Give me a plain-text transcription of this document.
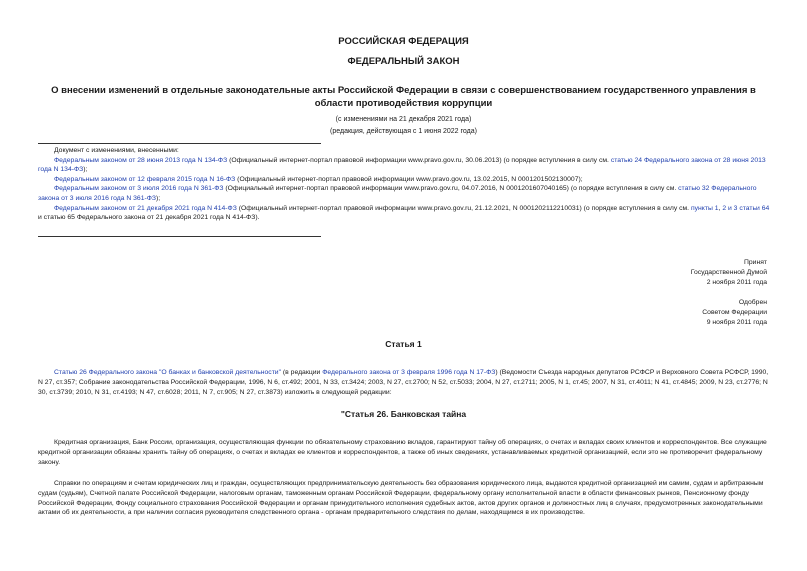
РОССИЙСКАЯ ФЕДЕРАЦИЯ
ФЕДЕРАЛЬНЫЙ ЗАКОН
О внесении изменений в отдельные законодательные акты Российской Федерации в связи с совершенствованием государственного управления в области противодействия коррупции
(с изменениями на 21 декабря 2021 года)
(редакция, действующая с 1 июня 2022 года)

Документ с изменениями, внесенными:

Федеральным законом от 28 июня 2013 года N 134-ФЗ (Официальный интернет-портал правовой информации www.pravo.gov.ru, 30.06.2013) (о порядке вступления в силу см. статью 24 Федерального закона от 28 июня 2013 года N 134-ФЗ);

Федеральным законом от 12 февраля 2015 года N 16-ФЗ (Официальный интернет-портал правовой информации www.pravo.gov.ru, 13.02.2015, N 0001201502130007);

Федеральным законом от 3 июля 2016 года N 361-ФЗ (Официальный интернет-портал правовой информации www.pravo.gov.ru, 04.07.2016, N 0001201607040165) (о порядке вступления в силу см. статью 32 Федерального закона от 3 июля 2016 года N 361-ФЗ);

Федеральным законом от 21 декабря 2021 года N 414-ФЗ (Официальный интернет-портал правовой информации www.pravo.gov.ru, 21.12.2021, N 0001202112210031) (о порядке вступления в силу см. пункты 1, 2 и 3 статьи 64 и статью 65 Федерального закона от 21 декабря 2021 года N 414-ФЗ).

Принят
Государственной Думой
2 ноября 2011 года
Одобрен
Советом Федерации
9 ноября 2011 года
Статья 1
Статью 26 Федерального закона "О банках и банковской деятельности" (в редакции Федерального закона от 3 февраля 1996 года N 17-ФЗ) (Ведомости Съезда народных депутатов РСФСР и Верховного Совета РСФСР, 1990, N 27, ст.357; Собрание законодательства Российской Федерации, 1996, N 6, ст.492; 2001, N 33, ст.3424; 2003, N 27, ст.2700; N 52, ст.5033; 2004, N 27, ст.2711; 2005, N 1, ст.45; 2007, N 31, ст.4011; N 41, ст.4845; 2009, N 23, ст.2776; N 30, ст.3739; 2010, N 31, ст.4193; N 47, ст.6028; 2011, N 7, ст.905; N 27, ст.3873) изложить в следующей редакции:
"Статья 26. Банковская тайна
Кредитная организация, Банк России, организация, осуществляющая функции по обязательному страхованию вкладов, гарантируют тайну об операциях, о счетах и вкладах своих клиентов и корреспондентов. Все служащие кредитной организации обязаны хранить тайну об операциях, о счетах и вкладах ее клиентов и корреспондентов, а также об иных сведениях, устанавливаемых кредитной организацией, если это не противоречит федеральному закону.
Справки по операциям и счетам юридических лиц и граждан, осуществляющих предпринимательскую деятельность без образования юридического лица, выдаются кредитной организацией им самим, судам и арбитражным судам (судьям), Счетной палате Российской Федерации, налоговым органам, таможенным органам Российской Федерации, федеральному органу исполнительной власти в области финансовых рынков, Пенсионному фонду Российской Федерации, Фонду социального страхования Российской Федерации и органам принудительного исполнения судебных актов, актов других органов и должностных лиц в случаях, предусмотренных законодательными актами об их деятельности, а при наличии согласия руководителя следственного органа - органам предварительного следствия по делам, находящимся в их производстве.
